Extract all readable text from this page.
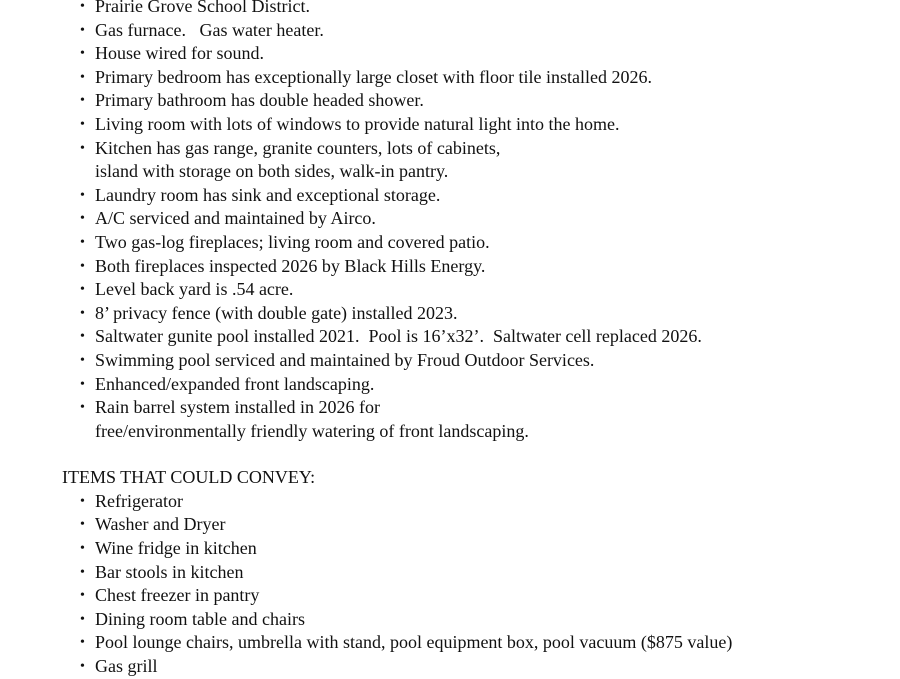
• Prairie Grove School District.
• Gas furnace.   Gas water heater.
• House wired for sound.
• Primary bedroom has exceptionally large closet with floor tile installed 2026.
• Primary bathroom has double headed shower.
• Living room with lots of windows to provide natural light into the home.
• Kitchen has gas range, granite counters, lots of cabinets,
island with storage on both sides, walk-in pantry.
• Laundry room has sink and exceptional storage.
• A/C serviced and maintained by Airco.
• Two gas-log fireplaces; living room and covered patio.
• Both fireplaces inspected 2026 by Black Hills Energy.
• Level back yard is .54 acre.
• 8’ privacy fence (with double gate) installed 2023.
• Saltwater gunite pool installed 2021.  Pool is 16’x32’.  Saltwater cell replaced 2026.
• Swimming pool serviced and maintained by Froud Outdoor Services.
• Enhanced/expanded front landscaping.
• Rain barrel system installed in 2026 for
free/environmentally friendly watering of front landscaping.
ITEMS THAT COULD CONVEY:
• Refrigerator
• Washer and Dryer
• Wine fridge in kitchen
• Bar stools in kitchen
• Chest freezer in pantry
• Dining room table and chairs
• Pool lounge chairs, umbrella with stand, pool equipment box, pool vacuum ($875 value)
• Gas grill
